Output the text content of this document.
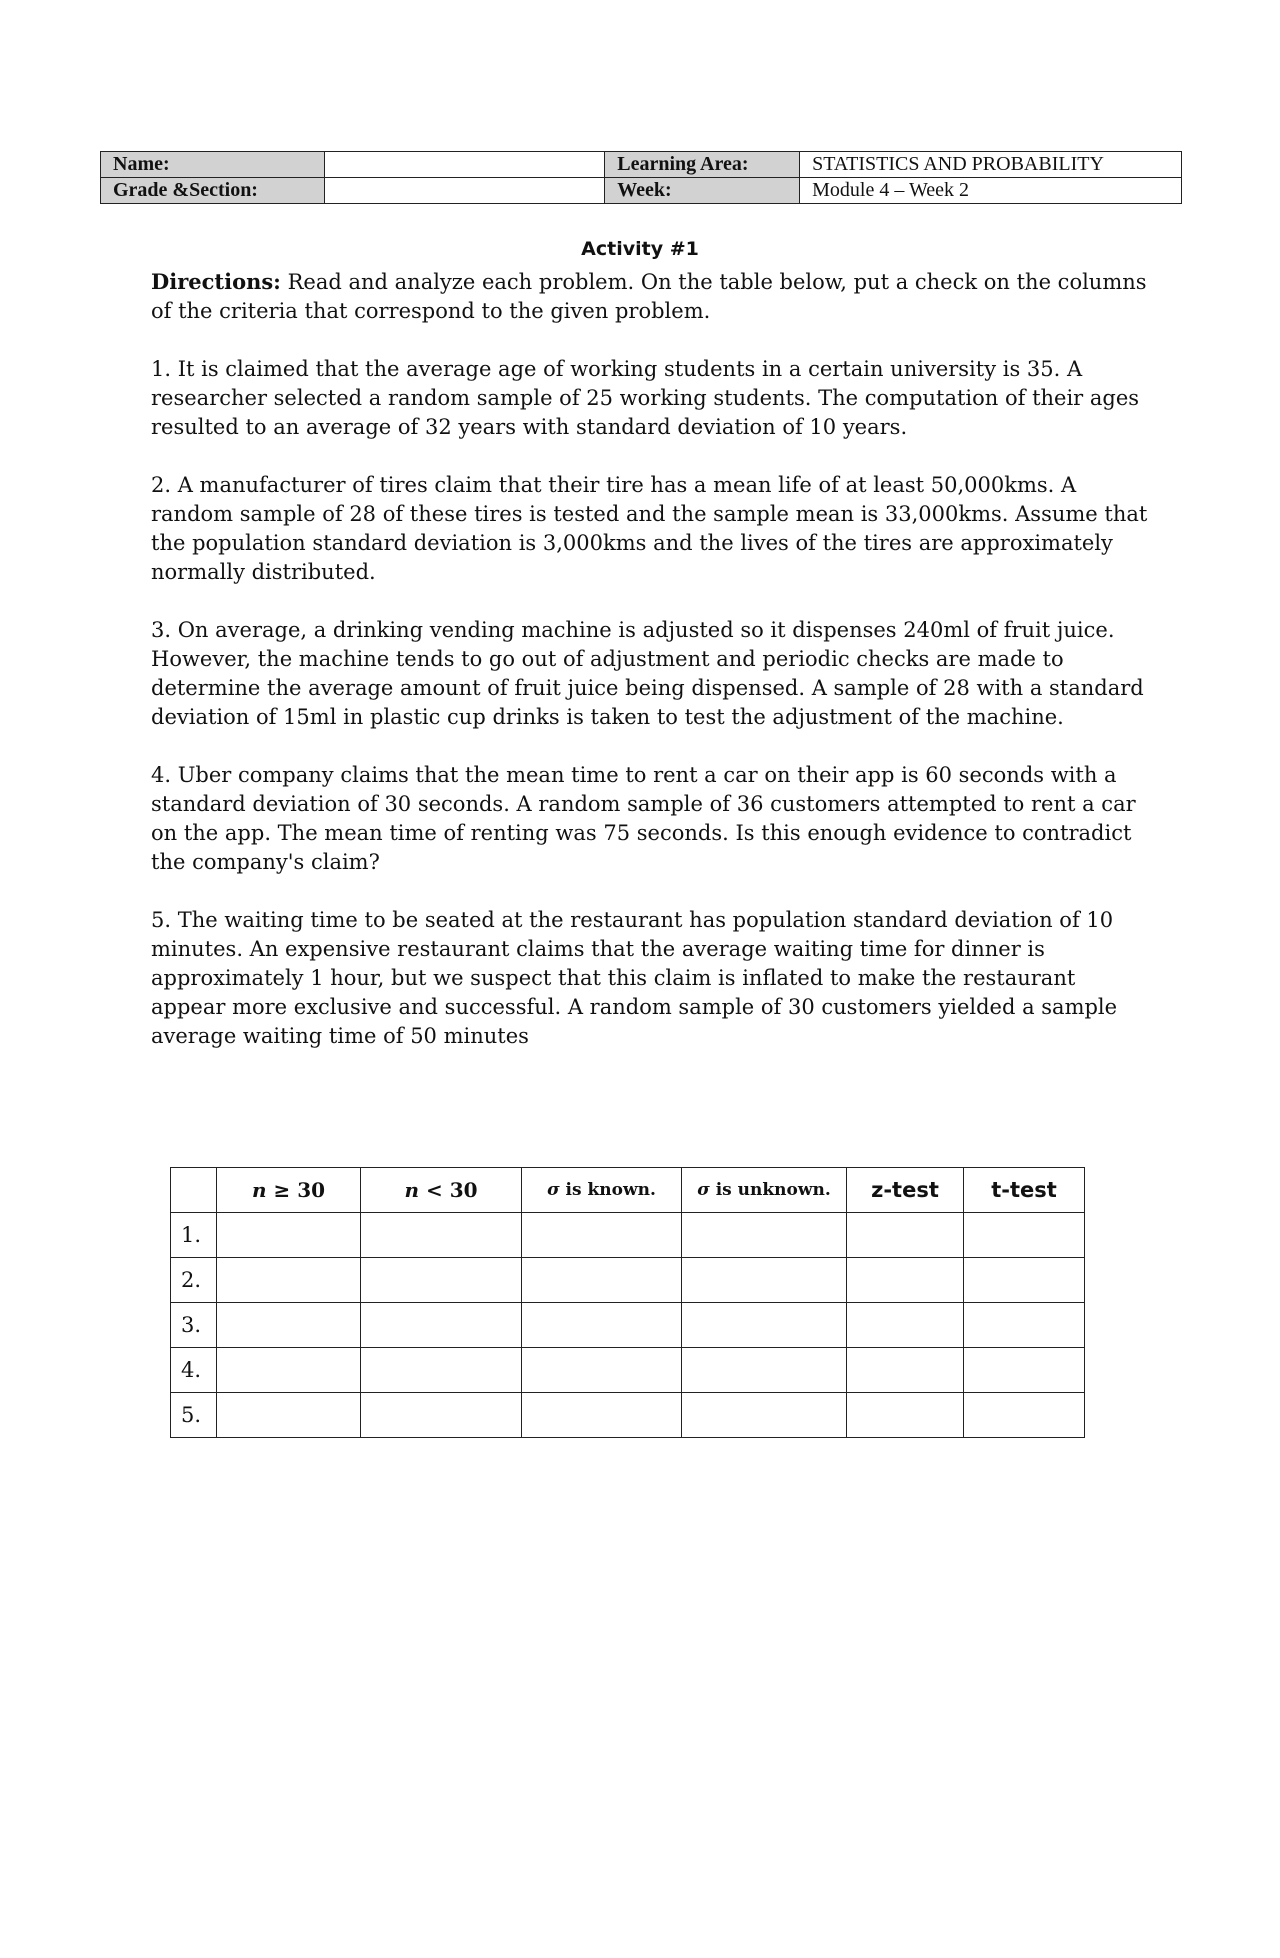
Name:		Learning Area:	STATISTICS AND PROBABILITY
Grade &Section:		Week:	Module 4 – Week 2
Activity #1

Directions: Read and analyze each problem. On the table below, put a check on the columns of the criteria that correspond to the given problem.

1. It is claimed that the average age of working students in a certain university is 35. A researcher selected a random sample of 25 working students. The computation of their ages resulted to an average of 32 years with standard deviation of 10 years.

2. A manufacturer of tires claim that their tire has a mean life of at least 50,000kms. A random sample of 28 of these tires is tested and the sample mean is 33,000kms. Assume that the population standard deviation is 3,000kms and the lives of the tires are approximately normally distributed.

3. On average, a drinking vending machine is adjusted so it dispenses 240ml of fruit juice. However, the machine tends to go out of adjustment and periodic checks are made to determine the average amount of fruit juice being dispensed. A sample of 28 with a standard deviation of 15ml in plastic cup drinks is taken to test the adjustment of the machine.

4. Uber company claims that the mean time to rent a car on their app is 60 seconds with a standard deviation of 30 seconds. A random sample of 36 customers attempted to rent a car on the app. The mean time of renting was 75 seconds. Is this enough evidence to contradict the company's claim?

5. The waiting time to be seated at the restaurant has population standard deviation of 10 minutes. An expensive restaurant claims that the average waiting time for dinner is approximately 1 hour, but we suspect that this claim is inflated to make the restaurant appear more exclusive and successful. A random sample of 30 customers yielded a sample average waiting time of 50 minutes

	n ≥ 30	n < 30	σ is known.	σ is unknown.	z-test	t-test
1.						
2.						
3.						
4.						
5.						
